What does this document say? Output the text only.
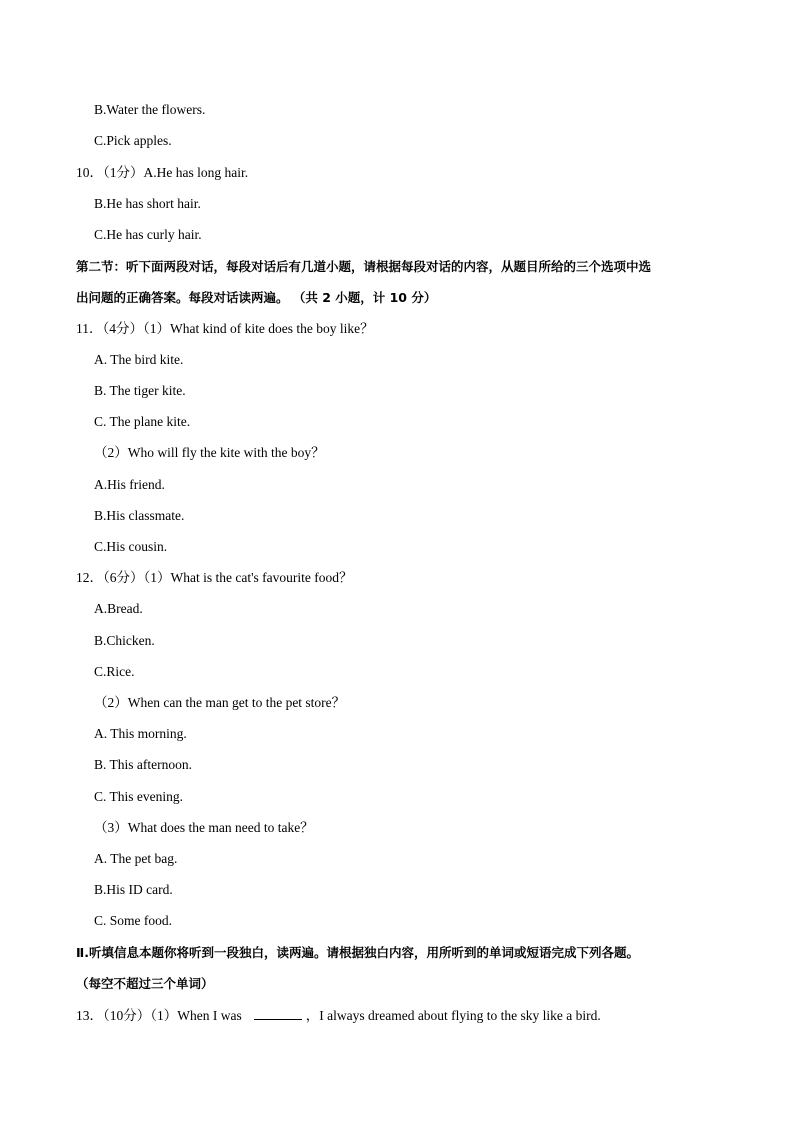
B.Water the flowers.
C.Pick apples.
10．（1分）A.He has long hair.
B.He has short hair.
C.He has curly hair.
第二节：听下面两段对话，每段对话后有几道小题，请根据每段对话的内容，从题目所给的三个选项中选
出问题的正确答案。每段对话读两遍。 （共 2 小题，计 10 分）
11．（4分）（1）What kind of kite does the boy like？
A. The bird kite.
B. The tiger kite.
C. The plane kite.
（2）Who will fly the kite with the boy？
A.His friend.
B.His classmate.
C.His cousin.
12．（6分）（1）What is the cat's favourite food？
A.Bread.
B.Chicken.
C.Rice.
（2）When can the man get to the pet store？
A. This morning.
B. This afternoon.
C. This evening.
（3）What does the man need to take？
A. The pet bag.
B.His ID card.
C. Some food.
Ⅱ.听填信息本题你将听到一段独白，读两遍。请根据独白内容，用所听到的单词或短语完成下列各题。
（每空不超过三个单词）
13．（10分）（1）When I was	，I always dreamed about flying to the sky like a bird.
